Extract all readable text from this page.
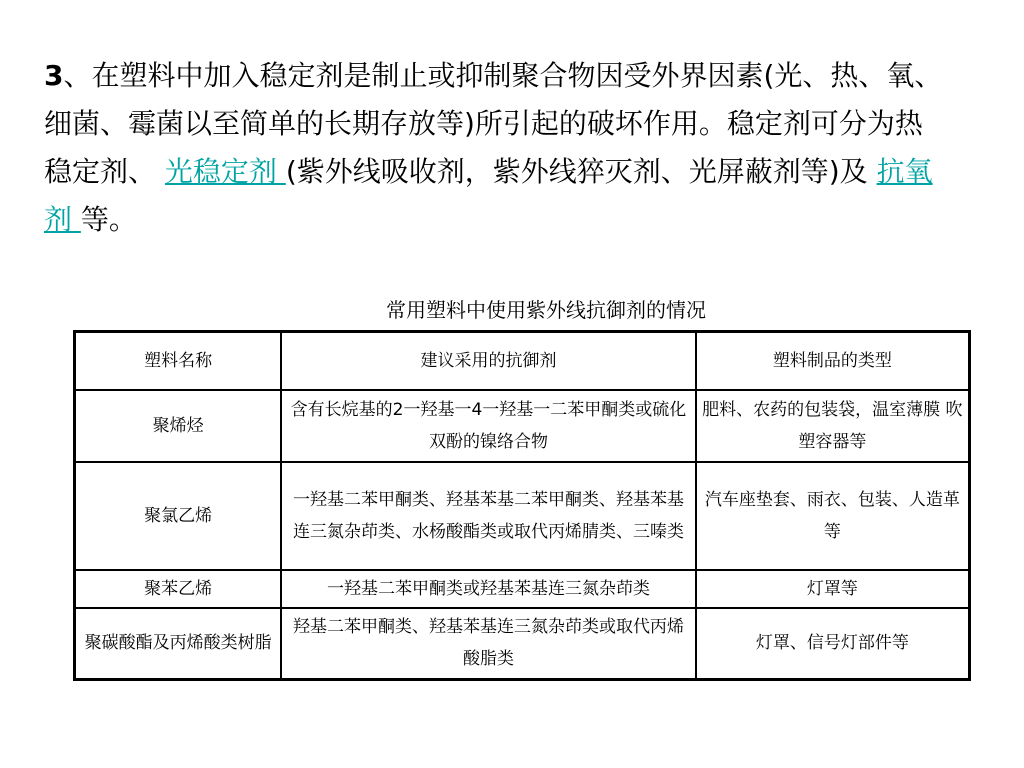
3、在塑料中加入稳定剂是制止或抑制聚合物因受外界因素(光、热、氧、细菌、霉菌以至简单的长期存放等)所引起的破坏作用。稳定剂可分为热稳定剂、 光稳定剂 (紫外线吸收剂，紫外线猝灭剂、光屏蔽剂等)及 抗氧剂 等。
常用塑料中使用紫外线抗御剂的情况
塑料名称	建议采用的抗御剂	塑料制品的类型
聚烯烃	含有长烷基的2一羟基一4一羟基一二苯甲酮类或硫化双酚的镍络合物	肥料、农药的包装袋，温室薄膜 吹塑容器等
聚氯乙烯	一羟基二苯甲酮类、羟基苯基二苯甲酮类、羟基苯基连三氮杂茚类、水杨酸酯类或取代丙烯腈类、三嗪类	汽车座垫套、雨衣、包装、人造革等
聚苯乙烯	一羟基二苯甲酮类或羟基苯基连三氮杂茚类	灯罩等
聚碳酸酯及丙烯酸类树脂	羟基二苯甲酮类、羟基苯基连三氮杂茚类或取代丙烯酸脂类	灯罩、信号灯部件等
